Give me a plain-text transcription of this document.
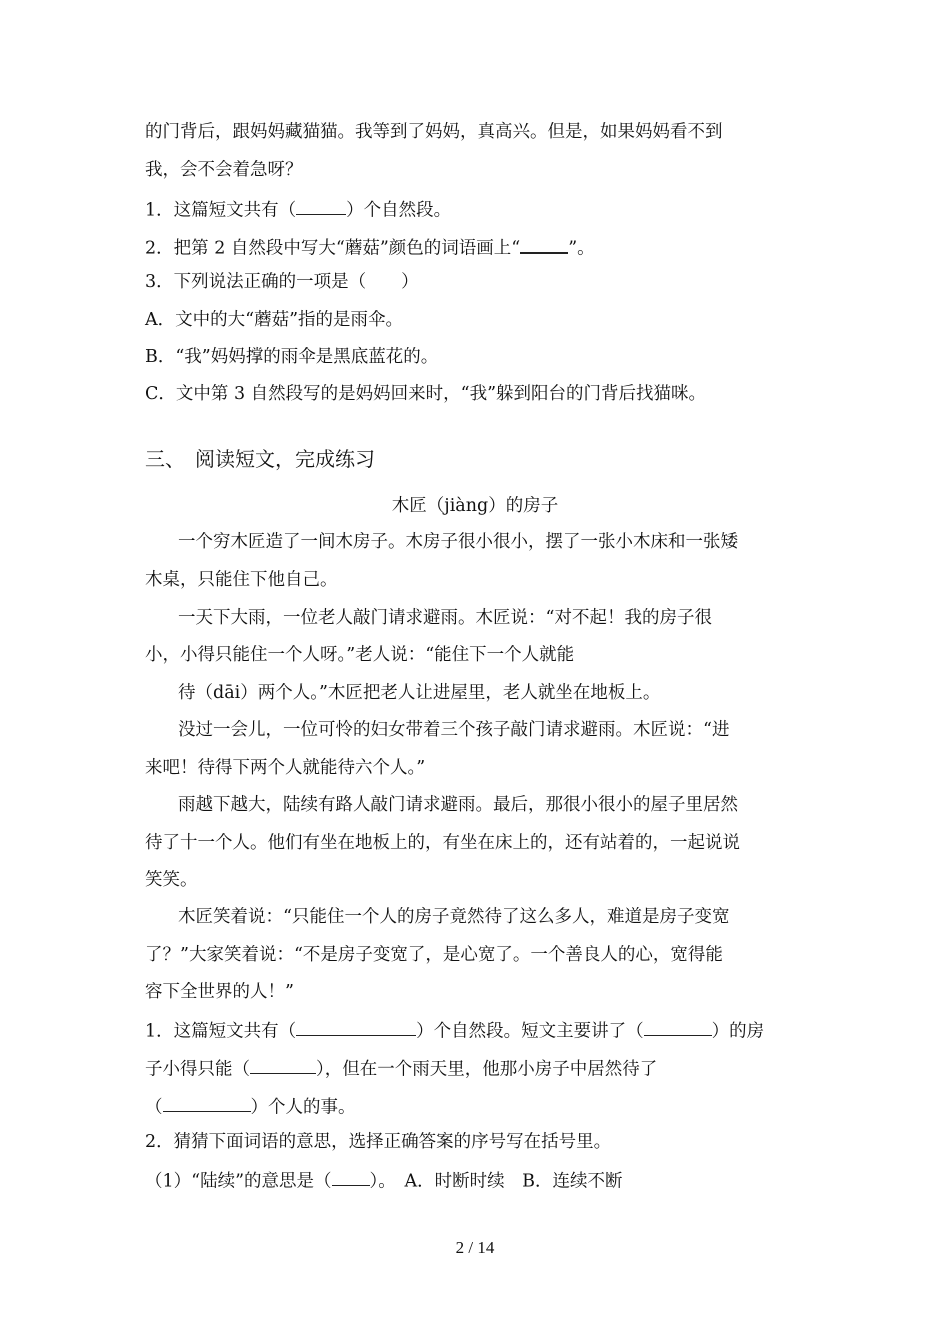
的门背后，跟妈妈藏猫猫。我等到了妈妈，真高兴。但是，如果妈妈看不到
我，会不会着急呀？
1．这篇短文共有（	）个自然段。
2．把第 2 自然段中写大“蘑菇”颜色的词语画上“	”。
3．下列说法正确的一项是（　　）
A．文中的大“蘑菇”指的是雨伞。
B．“我”妈妈撑的雨伞是黑底蓝花的。
C．文中第 3 自然段写的是妈妈回来时，“我”躲到阳台的门背后找猫咪。
三、　阅读短文，完成练习
木匠（jiàng）的房子
一个穷木匠造了一间木房子。木房子很小很小，摆了一张小木床和一张矮
木桌，只能住下他自己。
一天下大雨，一位老人敲门请求避雨。木匠说：“对不起！我的房子很
小，小得只能住一个人呀。”老人说：“能住下一个人就能
待（dāi）两个人。”木匠把老人让进屋里，老人就坐在地板上。
没过一会儿，一位可怜的妇女带着三个孩子敲门请求避雨。木匠说：“进
来吧！待得下两个人就能待六个人。”
雨越下越大，陆续有路人敲门请求避雨。最后，那很小很小的屋子里居然
待了十一个人。他们有坐在地板上的，有坐在床上的，还有站着的，一起说说
笑笑。
木匠笑着说：“只能住一个人的房子竟然待了这么多人，难道是房子变宽
了？”大家笑着说：“不是房子变宽了，是心宽了。一个善良人的心，宽得能
容下全世界的人！”
1．这篇短文共有（	）个自然段。短文主要讲了（	）的房
子小得只能（	），但在一个雨天里，他那小房子中居然待了
（	）个人的事。
2．猜猜下面词语的意思，选择正确答案的序号写在括号里。
（1）“陆续”的意思是（ ）。　A．时断时续　B．连续不断
2 / 14
